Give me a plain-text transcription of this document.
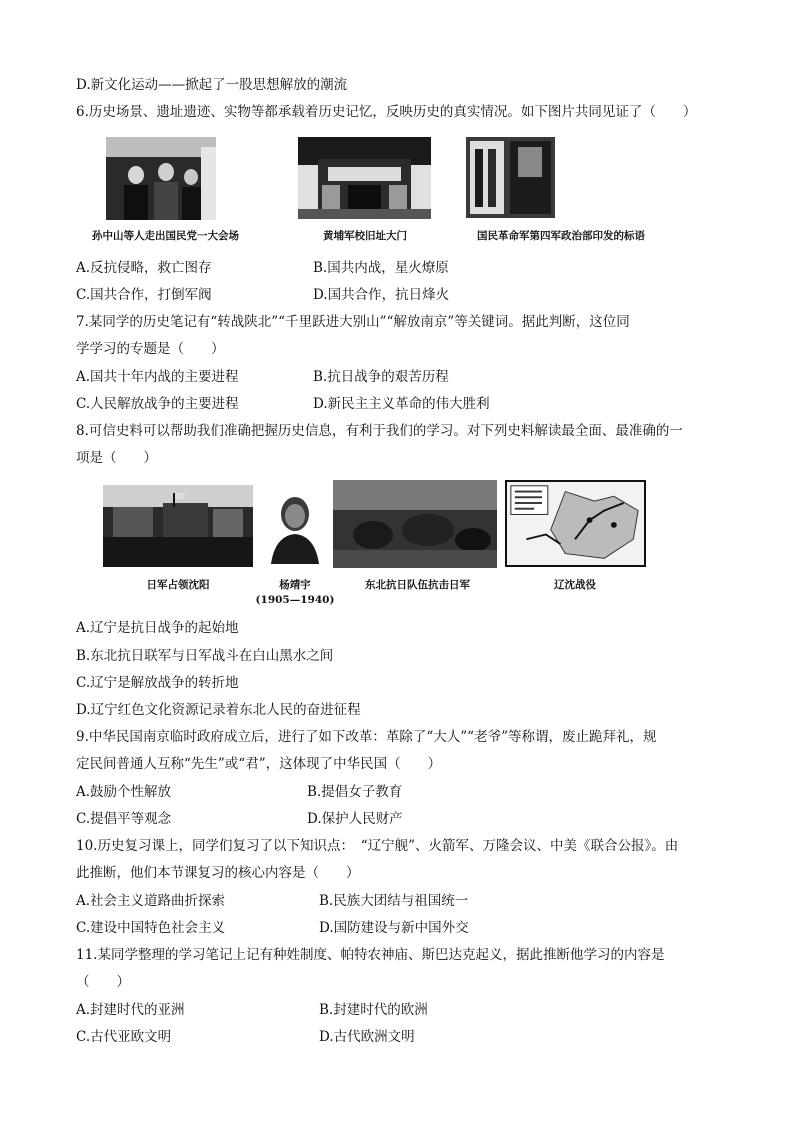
D.新文化运动——掀起了一股思想解放的潮流
6.历史场景、遗址遗迹、实物等都承载着历史记忆，反映历史的真实情况。如下图片共同见证了（　　）
孙中山等人走出国民党一大会场	黄埔军校旧址大门	国民革命军第四军政治部印发的标语
A.反抗侵略，救亡图存	B.国共内战，星火燎原
C.国共合作，打倒军阀	D.国共合作，抗日烽火
7.某同学的历史笔记有“转战陕北”“千里跃进大别山”“解放南京”等关键词。据此判断，这位同
学学习的专题是（　　）
A.国共十年内战的主要进程	B.抗日战争的艰苦历程
C.人民解放战争的主要进程	D.新民主主义革命的伟大胜利
8.可信史料可以帮助我们准确把握历史信息，有利于我们的学习。对下列史料解读最全面、最准确的一
项是（　　）
日军占领沈阳	杨靖宇
(1905—1940)
东北抗日队伍抗击日军	辽沈战役
A.辽宁是抗日战争的起始地
B.东北抗日联军与日军战斗在白山黑水之间
C.辽宁是解放战争的转折地
D.辽宁红色文化资源记录着东北人民的奋进征程
9.中华民国南京临时政府成立后，进行了如下改革：革除了“大人”“老爷”等称谓，废止跪拜礼，规
定民间普通人互称“先生”或“君”，这体现了中华民国（　　）
A.鼓励个性解放	B.提倡女子教育
C.提倡平等观念	D.保护人民财产
10.历史复习课上，同学们复习了以下知识点：　“辽宁舰”、火箭军、万隆会议、中美《联合公报》。由
此推断，他们本节课复习的核心内容是（　　）
A.社会主义道路曲折探索	B.民族大团结与祖国统一
C.建设中国特色社会主义	D.国防建设与新中国外交
11.某同学整理的学习笔记上记有种姓制度、帕特农神庙、斯巴达克起义，据此推断他学习的内容是
（　　）
A.封建时代的亚洲	B.封建时代的欧洲
C.古代亚欧文明	D.古代欧洲文明
